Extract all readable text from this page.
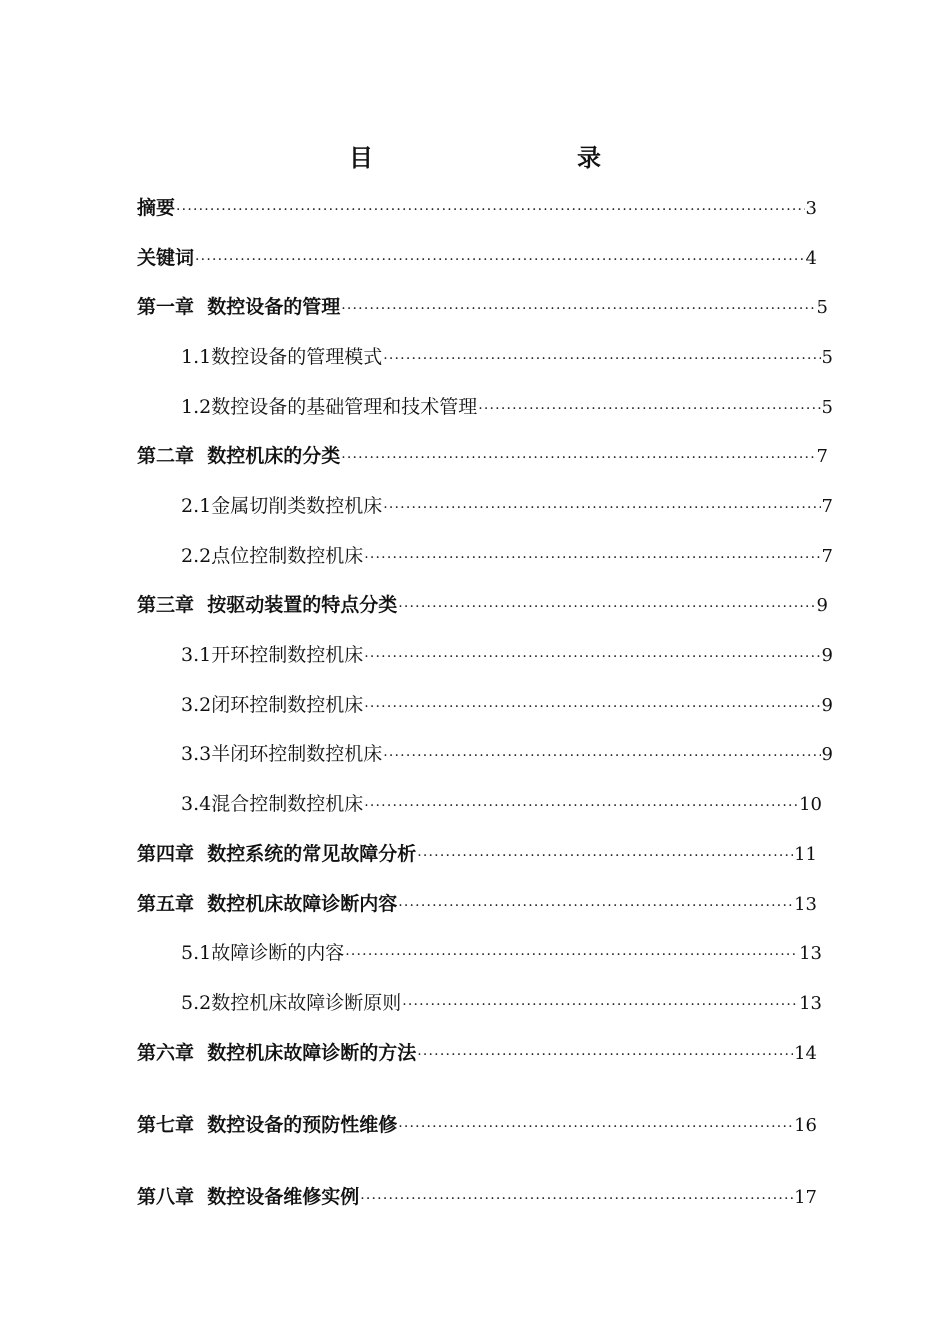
目　　录
摘要 ·····	3
关键词 ·····	4
第一章  数控设备的管理 ·····	5
1.1数控设备的管理模式 ·····	5
1.2数控设备的基础管理和技术管理 ·····	5
第二章  数控机床的分类 ·····	7
2.1金属切削类数控机床 ·····	7
2.2点位控制数控机床 ·····	7
第三章  按驱动装置的特点分类 ·····	9
3.1开环控制数控机床 ·····	9
3.2闭环控制数控机床 ·····	9
3.3半闭环控制数控机床 ·····	9
3.4混合控制数控机床 ·····	10
第四章  数控系统的常见故障分析 ·····	11
第五章  数控机床故障诊断内容 ·····	13
5.1故障诊断的内容 ·····	13
5.2数控机床故障诊断原则 ·····	13
第六章  数控机床故障诊断的方法 ·····	14
第七章  数控设备的预防性维修 ·····	16
第八章  数控设备维修实例 ·····	17
